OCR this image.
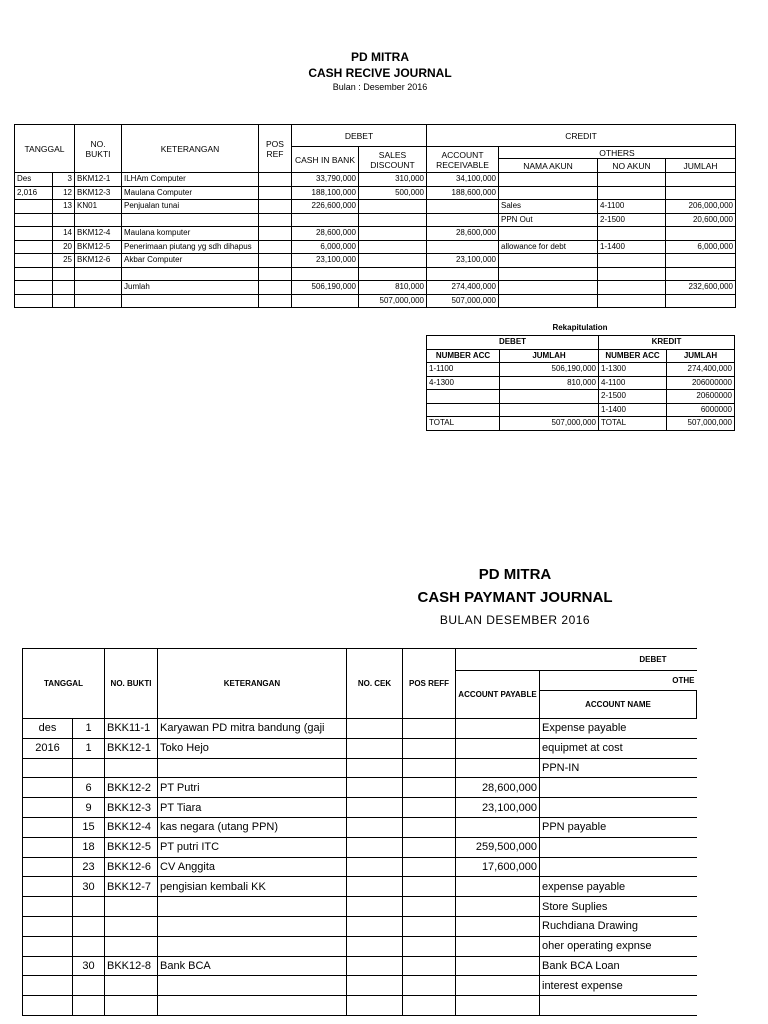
PD MITRA
CASH RECIVE JOURNAL
Bulan : Desember 2016
TANGGAL		NO. BUKTI	KETERANGAN	POS REF	DEBET		CREDIT			
					CASH IN BANK	SALES DISCOUNT	ACCOUNT RECEIVABLE	OTHERS		
								NAMA AKUN	NO AKUN	JUMLAH
Des	3	BKM12-1	ILHAm Computer		33,790,000	310,000	34,100,000			
2,016	12	BKM12-3	Maulana Computer		188,100,000	500,000	188,600,000			
	13	KN01	Penjualan tunai		226,600,000			Sales	4-1100	206,000,000
								PPN Out	2-1500	20,600,000
	14	BKM12-4	Maulana komputer		28,600,000		28,600,000			
	20	BKM12-5	Penerimaan piutang yg sdh dihapus		6,000,000			allowance for debt	1-1400	6,000,000
	25	BKM12-6	Akbar Computer		23,100,000		23,100,000			

			Jumlah		506,190,000	810,000	274,400,000			232,600,000
						507,000,000	507,000,000			
Rekapitulation
DEBET		KREDIT	
NUMBER ACC	JUMLAH	NUMBER ACC	JUMLAH
1-1100	506,190,000	1-1300	274,400,000
4-1300	810,000	4-1100	206000000
		2-1500	20600000
		1-1400	6000000
TOTAL	507,000,000	TOTAL	507,000,000
PD MITRA
CASH PAYMANT JOURNAL
BULAN DESEMBER 2016
TANGGAL		NO. BUKTI	KETERANGAN	NO. CEK	POS REFF	DEBET	
						ACCOUNT PAYABLE	OTHE
							ACCOUNT NAME
des	1	BKK11-1	Karyawan PD mitra bandung (gaji				Expense payable
2016	1	BKK12-1	Toko Hejo				equipmet at cost
							PPN-IN
	6	BKK12-2	PT Putri			28,600,000	
	9	BKK12-3	PT Tiara			23,100,000	
	15	BKK12-4	kas negara (utang PPN)				PPN payable
	18	BKK12-5	PT putri ITC			259,500,000	
	23	BKK12-6	CV Anggita			17,600,000	
	30	BKK12-7	pengisian kembali KK				expense payable
							Store Suplies
							Ruchdiana Drawing
							oher operating expnse
	30	BKK12-8	Bank BCA				Bank BCA Loan
							interest expense
